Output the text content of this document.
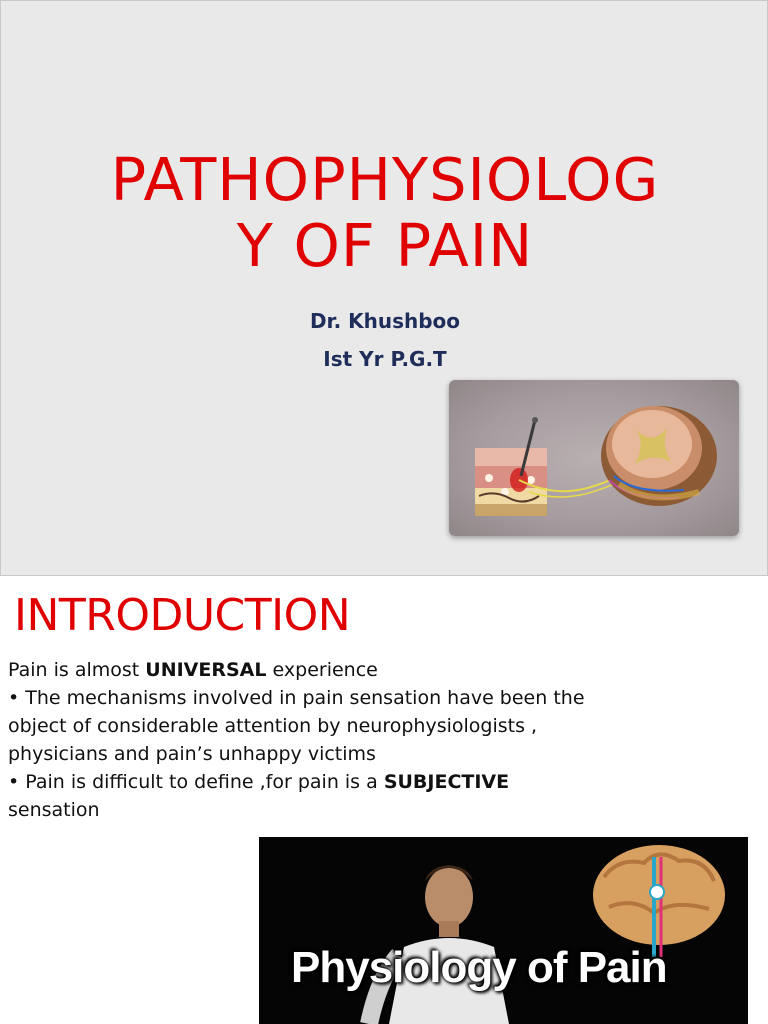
PATHOPHYSIOLOG
Y OF PAIN
Dr. Khushboo
Ist Yr P.G.T
INTRODUCTION

Pain is almost UNIVERSAL experience

• The mechanisms involved in pain sensation have been the

object of considerable attention by neurophysiologists ,

physicians and pain’s unhappy victims

• Pain is difficult to define ,for pain is a SUBJECTIVE

sensation

Physiology of Pain
